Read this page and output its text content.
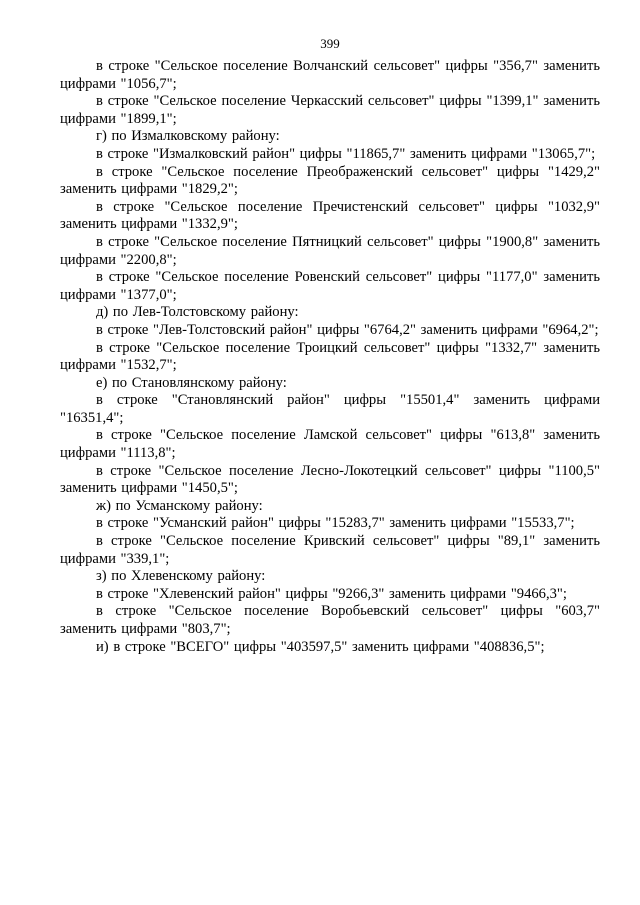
399

в строке "Сельское поселение Волчанский сельсовет" цифры "356,7" заменить цифрами "1056,7";

в строке "Сельское поселение Черкасский сельсовет" цифры "1399,1" заменить цифрами "1899,1";

г) по Измалковскому району:

в строке "Измалковский район" цифры "11865,7" заменить цифрами "13065,7";

в строке "Сельское поселение Преображенский сельсовет" цифры "1429,2" заменить цифрами "1829,2";

в строке "Сельское поселение Пречистенский сельсовет" цифры "1032,9" заменить цифрами "1332,9";

в строке "Сельское поселение Пятницкий сельсовет" цифры "1900,8" заменить цифрами "2200,8";

в строке "Сельское поселение Ровенский сельсовет" цифры "1177,0" заменить цифрами "1377,0";

д) по Лев-Толстовскому району:

в строке "Лев-Толстовский район" цифры "6764,2" заменить цифрами "6964,2";

в строке "Сельское поселение Троицкий сельсовет" цифры "1332,7" заменить цифрами "1532,7";

е) по Становлянскому району:

в строке "Становлянский район" цифры "15501,4" заменить цифрами "16351,4";

в строке "Сельское поселение Ламской сельсовет" цифры "613,8" заменить цифрами "1113,8";

в строке "Сельское поселение Лесно-Локотецкий сельсовет" цифры "1100,5" заменить цифрами "1450,5";

ж) по Усманскому району:

в строке "Усманский район" цифры "15283,7" заменить цифрами "15533,7";

в строке "Сельское поселение Кривский сельсовет" цифры "89,1" заменить цифрами "339,1";

з) по Хлевенскому району:

в строке "Хлевенский район" цифры "9266,3" заменить цифрами "9466,3";

в строке "Сельское поселение Воробьевский сельсовет" цифры "603,7" заменить цифрами "803,7";

и) в строке "ВСЕГО" цифры "403597,5" заменить цифрами "408836,5";
